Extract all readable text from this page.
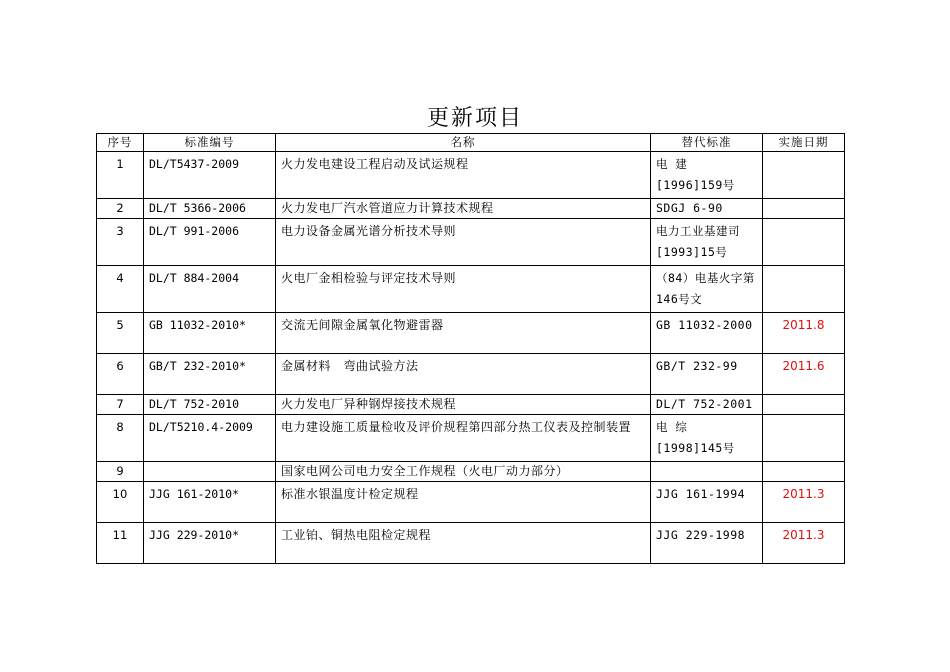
更新项目
序号	标准编号	名称	替代标准	实施日期
1	DL/T5437-2009	火力发电建设工程启动及试运规程	电 建 [1996]159号	
2	DL/T 5366-2006	火力发电厂汽水管道应力计算技术规程	SDGJ 6-90	
3	DL/T 991-2006	电力设备金属光谱分析技术导则	电力工业基建司[1993]15号	
4	DL/T 884-2004	火电厂金相检验与评定技术导则	（84）电基火字第146号文	
5	GB 11032-2010*	交流无间隙金属氧化物避雷器	GB 11032-2000	2011.8
6	GB/T 232-2010*	金属材料　弯曲试验方法	GB/T 232-99	2011.6
7	DL/T 752-2010	火力发电厂异种钢焊接技术规程	DL/T 752-2001	
8	DL/T5210.4-2009	电力建设施工质量检收及评价规程第四部分热工仪表及控制装置	电 综 [1998]145号	
9		国家电网公司电力安全工作规程（火电厂动力部分）		
10	JJG 161-2010*	标准水银温度计检定规程	JJG 161-1994	2011.3
11	JJG 229-2010*	工业铂、铜热电阻检定规程	JJG 229-1998	2011.3
